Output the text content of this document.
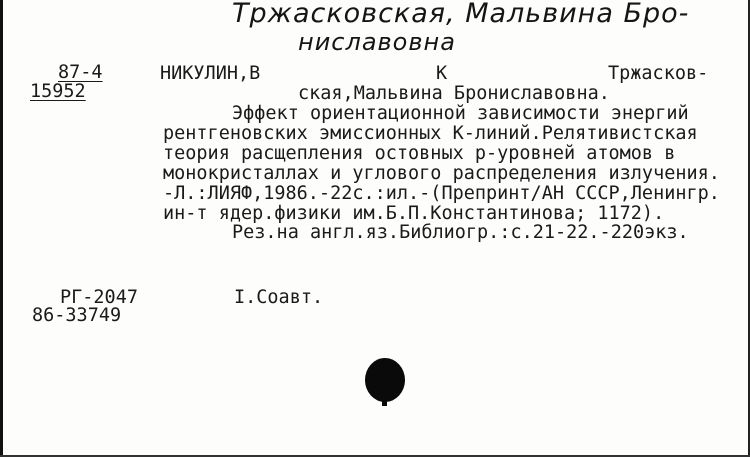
Тржасковская, Мальвина Бро-
ниславовна
87-4
15952
НИКУЛИН,В	К	Тржасков-
ская,Мальвина Брониславовна.
Эффект ориентационной зависимости энергий
рентгеновских эмиссионных К-линий.Релятивистская
теория расщепления остовных р-уровней атомов в
монокристаллах и углового распределения излучения.
-Л.:ЛИЯФ,1986.-22с.:ил.-(Препринт/АН СССР,Ленингр.
ин-т ядер.физики им.Б.П.Константинова; 1172).
Рез.на англ.яз.Библиогр.:с.21-22.-220экз.
РГ-2047
86-33749
I.Соавт.
